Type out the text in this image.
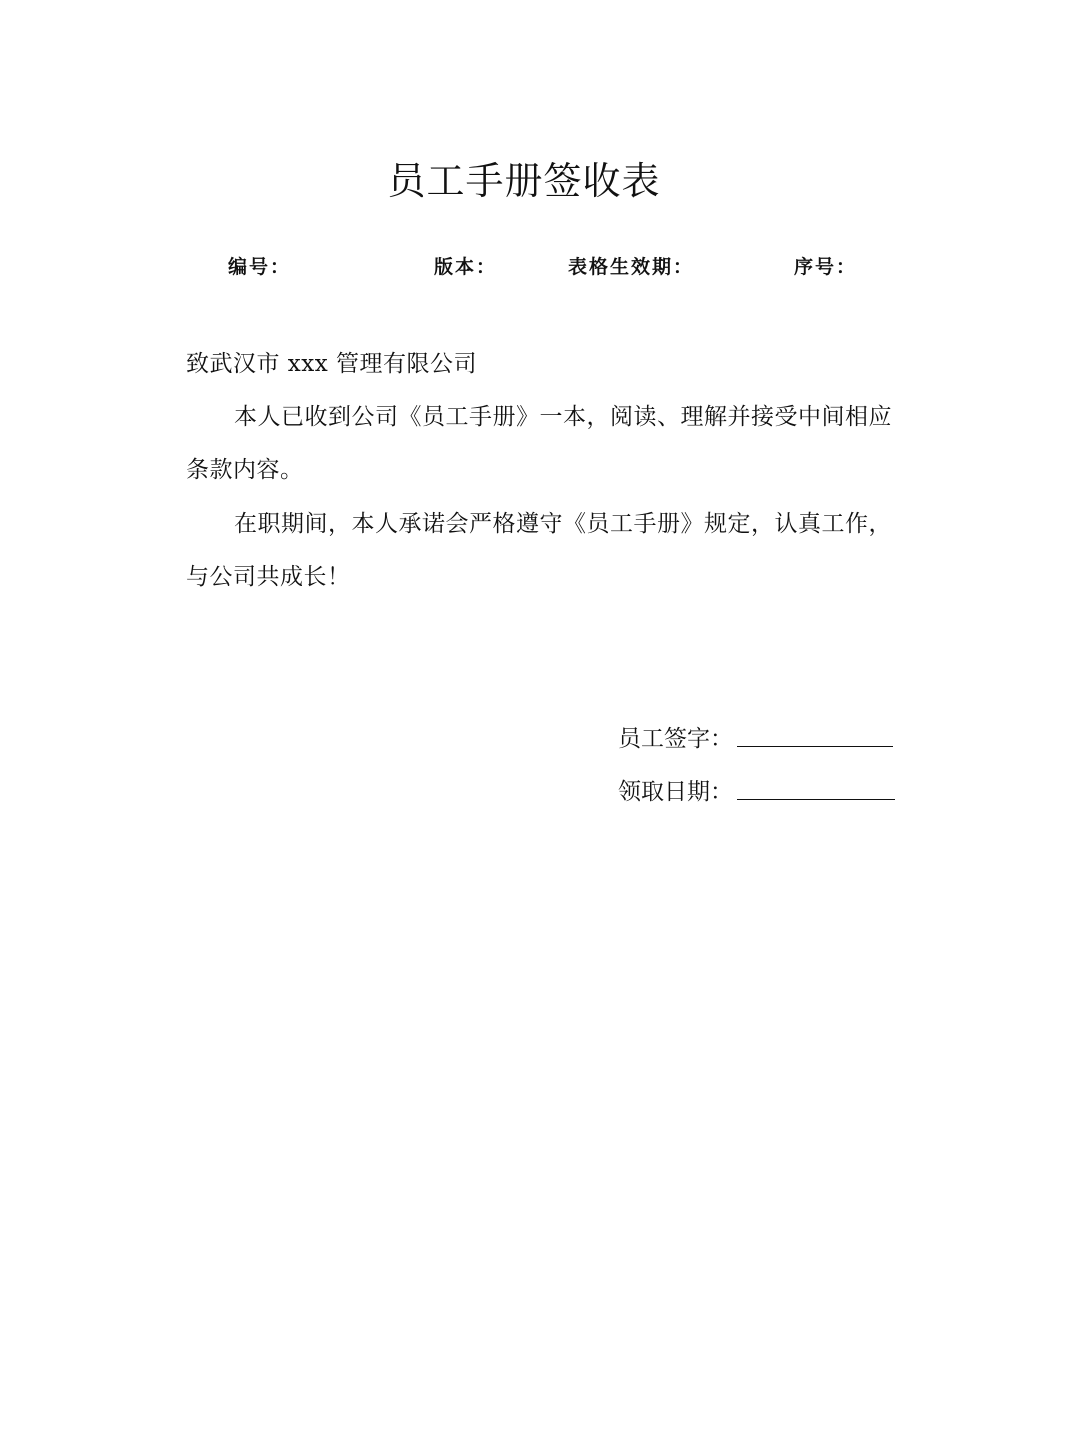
员工手册签收表
编号：	版本：	表格生效期：	序号：
致武汉市 xxx 管理有限公司
本人已收到公司《员工手册》一本，阅读、理解并接受中间相应条款内容。
在职期间，本人承诺会严格遵守《员工手册》规定，认真工作，与公司共成长！
员工签字：
领取日期：
